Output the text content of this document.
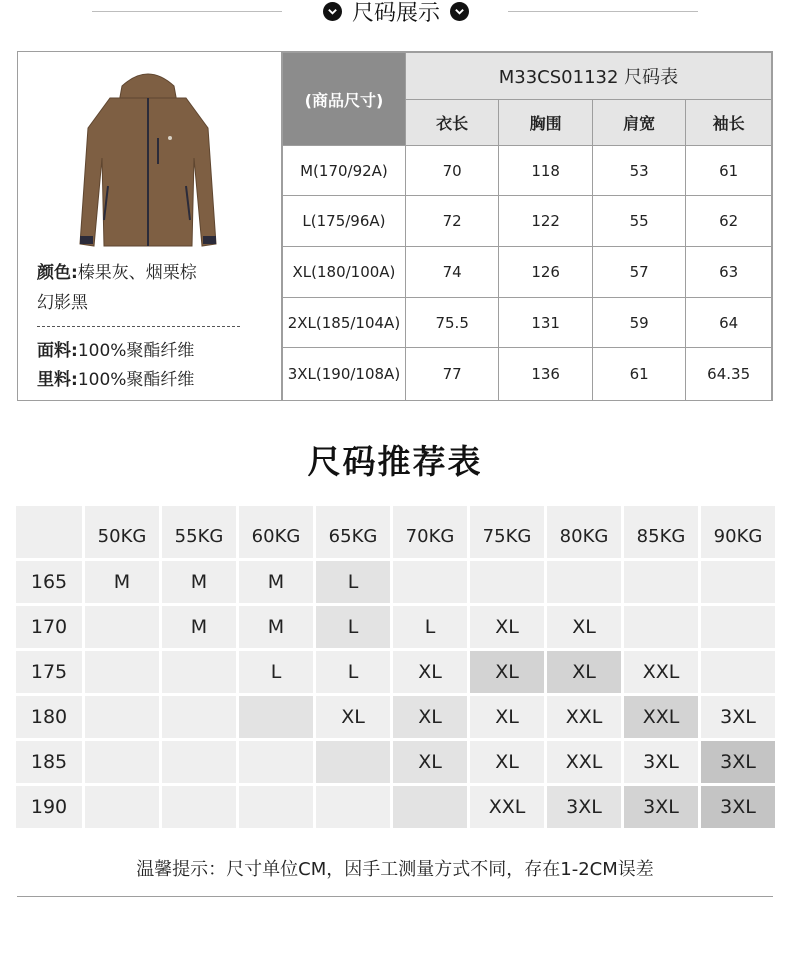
尺码展示
颜色:榛果灰、烟栗棕
幻影黑
面料:100%聚酯纤维
里料:100%聚酯纤维
(商品尺寸)	M33CS01132 尺码表			
	衣长	胸围	肩宽	袖长
M(170/92A)	70	118	53	61
L(175/96A)	72	122	55	62
XL(180/100A)	74	126	57	63
2XL(185/104A)	75.5	131	59	64
3XL(190/108A)	77	136	61	64.35
尺码推荐表
	50KG	55KG	60KG	65KG	70KG	75KG	80KG	85KG	90KG
165	M	M	M	L					
170		M	M	L	L	XL	XL		
175			L	L	XL	XL	XL	XXL	
180				XL	XL	XL	XXL	XXL	3XL
185					XL	XL	XXL	3XL	3XL
190						XXL	3XL	3XL	3XL
温馨提示：尺寸单位CM，因手工测量方式不同，存在1-2CM误差
